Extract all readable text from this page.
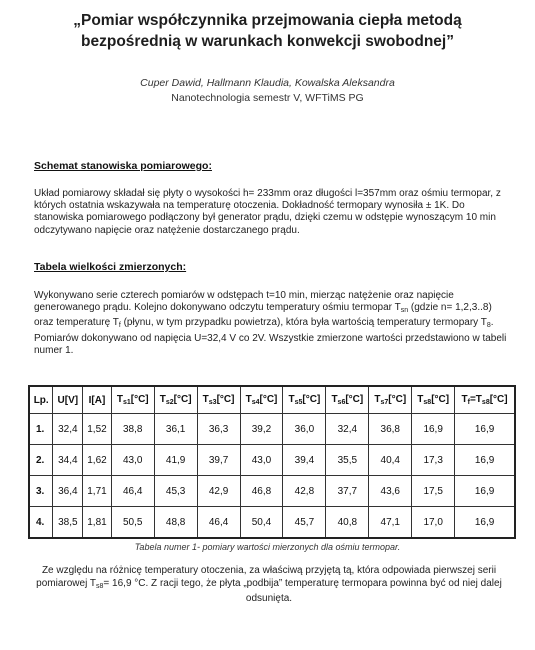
„Pomiar współczynnika przejmowania ciepła metodą
bezpośrednią w warunkach konwekcji swobodnej”
Cuper Dawid, Hallmann Klaudia, Kowalska Aleksandra
Nanotechnologia semestr V, WFTiMS PG
Schemat stanowiska pomiarowego:
Układ pomiarowy składał się płyty o wysokości h= 233mm oraz długości l=357mm oraz ośmiu termopar, z których ostatnia wskazywała na temperaturę otoczenia. Dokładność termopary wynosiła ± 1K. Do stanowiska pomiarowego podłączony był generator prądu, dzięki czemu w odstępie wynoszącym 10 min odczytywano napięcie oraz natężenie dostarczanego prądu.
Tabela wielkości zmierzonych:
Wykonywano serie czterech pomiarów w odstępach t=10 min, mierząc natężenie oraz napięcie generowanego prądu. Kolejno dokonywano odczytu temperatury ośmiu termopar $T_{sn}$ (gdzie n= 1,2,3..8) oraz temperaturę $T_f$ (płynu, w tym przypadku powietrza), która była wartością temperatury termopary $T_8$. Pomiarów dokonywano od napięcia U=32,4 V co 2V. Wszystkie zmierzone wartości przedstawiono w tabeli numer 1.
Lp.	U[V]	I[A]	$T_{s1}[^\circ C]$	$T_{s2}[^\circ C]$	$T_{s3}[^\circ C]$	$T_{s4}[^\circ C]$	$T_{s5}[^\circ C]$	$T_{s6}[^\circ C]$	$T_{s7}[^\circ C]$	$T_{s8}[^\circ C]$	$T_f=T_{s8}[^\circ C]$
1.	32,4	1,52	38,8	36,1	36,3	39,2	36,0	32,4	36,8	16,9	16,9
2.	34,4	1,62	43,0	41,9	39,7	43,0	39,4	35,5	40,4	17,3	16,9
3.	36,4	1,71	46,4	45,3	42,9	46,8	42,8	37,7	43,6	17,5	16,9
4.	38,5	1,81	50,5	48,8	46,4	50,4	45,7	40,8	47,1	17,0	16,9
Tabela numer 1- pomiary wartości mierzonych dla ośmiu termopar.
Ze względu na różnicę temperatury otoczenia, za właściwą przyjętą tą, która odpowiada pierwszej serii pomiarowej $T_{s8}= 16,9$ °C. Z racji tego, że płyta „podbija” temperaturę termopara powinna być od niej dalej odsunięta.
